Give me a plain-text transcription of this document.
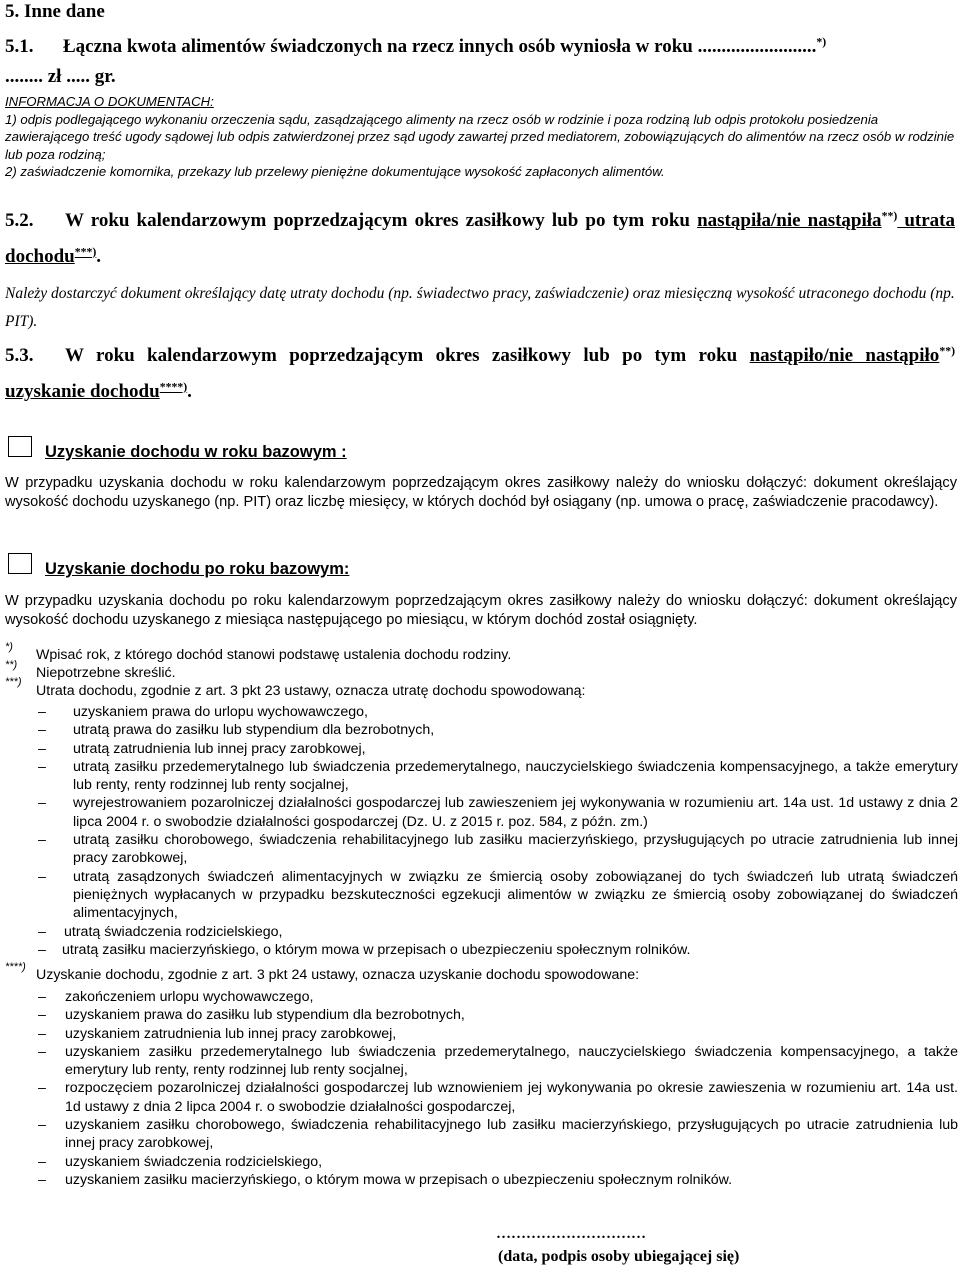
5. Inne dane
5.1. Łączna kwota alimentów świadczonych na rzecz innych osób wyniosła w roku .........................*)
........ zł ..... gr.
INFORMACJA O DOKUMENTACH:
1) odpis podlegającego wykonaniu orzeczenia sądu, zasądzającego alimenty na rzecz osób w rodzinie i poza rodziną lub odpis protokołu posiedzenia zawierającego treść ugody sądowej lub odpis zatwierdzonej przez sąd ugody zawartej przed mediatorem, zobowiązujących do alimentów na rzecz osób w rodzinie lub poza rodziną;
2) zaświadczenie komornika, przekazy lub przelewy pieniężne dokumentujące wysokość zapłaconych alimentów.
5.2. W roku kalendarzowym poprzedzającym okres zasiłkowy lub po tym roku nastąpiła/nie nastąpiła**) utrata dochodu***).
Należy dostarczyć dokument określający datę utraty dochodu (np. świadectwo pracy, zaświadczenie) oraz miesięczną wysokość utraconego dochodu (np. PIT).
5.3. W roku kalendarzowym poprzedzającym okres zasiłkowy lub po tym roku nastąpiło/nie nastąpiło**) uzyskanie dochodu****).
Uzyskanie dochodu w roku bazowym :
W przypadku uzyskania dochodu w roku kalendarzowym poprzedzającym okres zasiłkowy należy do wniosku dołączyć: dokument określający wysokość dochodu uzyskanego (np. PIT) oraz liczbę miesięcy, w których dochód był osiągany (np. umowa o pracę, zaświadczenie pracodawcy).
Uzyskanie dochodu po roku bazowym:
W przypadku uzyskania dochodu po roku kalendarzowym poprzedzającym okres zasiłkowy należy do wniosku dołączyć: dokument określający wysokość dochodu uzyskanego z miesiąca następującego po miesiącu, w którym dochód został osiągnięty.
*) Wpisać rok, z którego dochód stanowi podstawę ustalenia dochodu rodziny.
**) Niepotrzebne skreślić.
***)
Utrata dochodu, zgodnie z art. 3 pkt 23 ustawy, oznacza utratę dochodu spowodowaną:
– uzyskaniem prawa do urlopu wychowawczego,
– utratą prawa do zasiłku lub stypendium dla bezrobotnych,
– utratą zatrudnienia lub innej pracy zarobkowej,
– utratą zasiłku przedemerytalnego lub świadczenia przedemerytalnego, nauczycielskiego świadczenia kompensacyjnego, a także emerytury lub renty, renty rodzinnej lub renty socjalnej,
– wyrejestrowaniem pozarolniczej działalności gospodarczej lub zawieszeniem jej wykonywania w rozumieniu art. 14a ust. 1d ustawy z dnia 2 lipca 2004 r. o swobodzie działalności gospodarczej (Dz. U. z 2015 r. poz. 584, z późn. zm.)
– utratą zasiłku chorobowego, świadczenia rehabilitacyjnego lub zasiłku macierzyńskiego, przysługujących po utracie zatrudnienia lub innej pracy zarobkowej,
– utratą zasądzonych świadczeń alimentacyjnych w związku ze śmiercią osoby zobowiązanej do tych świadczeń lub utratą świadczeń pieniężnych wypłacanych w przypadku bezskuteczności egzekucji alimentów w związku ze śmiercią osoby zobowiązanej do świadczeń alimentacyjnych,
– utratą świadczenia rodzicielskiego,
– utratą zasiłku macierzyńskiego, o którym mowa w przepisach o ubezpieczeniu społecznym rolników.
****) Uzyskanie dochodu, zgodnie z art. 3 pkt 24 ustawy, oznacza uzyskanie dochodu spowodowane:
– zakończeniem urlopu wychowawczego,
– uzyskaniem prawa do zasiłku lub stypendium dla bezrobotnych,
– uzyskaniem zatrudnienia lub innej pracy zarobkowej,
– uzyskaniem zasiłku przedemerytalnego lub świadczenia przedemerytalnego, nauczycielskiego świadczenia kompensacyjnego, a także emerytury lub renty, renty rodzinnej lub renty socjalnej,
– rozpoczęciem pozarolniczej działalności gospodarczej lub wznowieniem jej wykonywania po okresie zawieszenia w rozumieniu art. 14a ust. 1d ustawy z dnia 2 lipca 2004 r. o swobodzie działalności gospodarczej,
– uzyskaniem zasiłku chorobowego, świadczenia rehabilitacyjnego lub zasiłku macierzyńskiego, przysługujących po utracie zatrudnienia lub innej pracy zarobkowej,
– uzyskaniem świadczenia rodzicielskiego,
– uzyskaniem zasiłku macierzyńskiego, o którym mowa w przepisach o ubezpieczeniu społecznym rolników.
…………………………
(data, podpis osoby ubiegającej się)
